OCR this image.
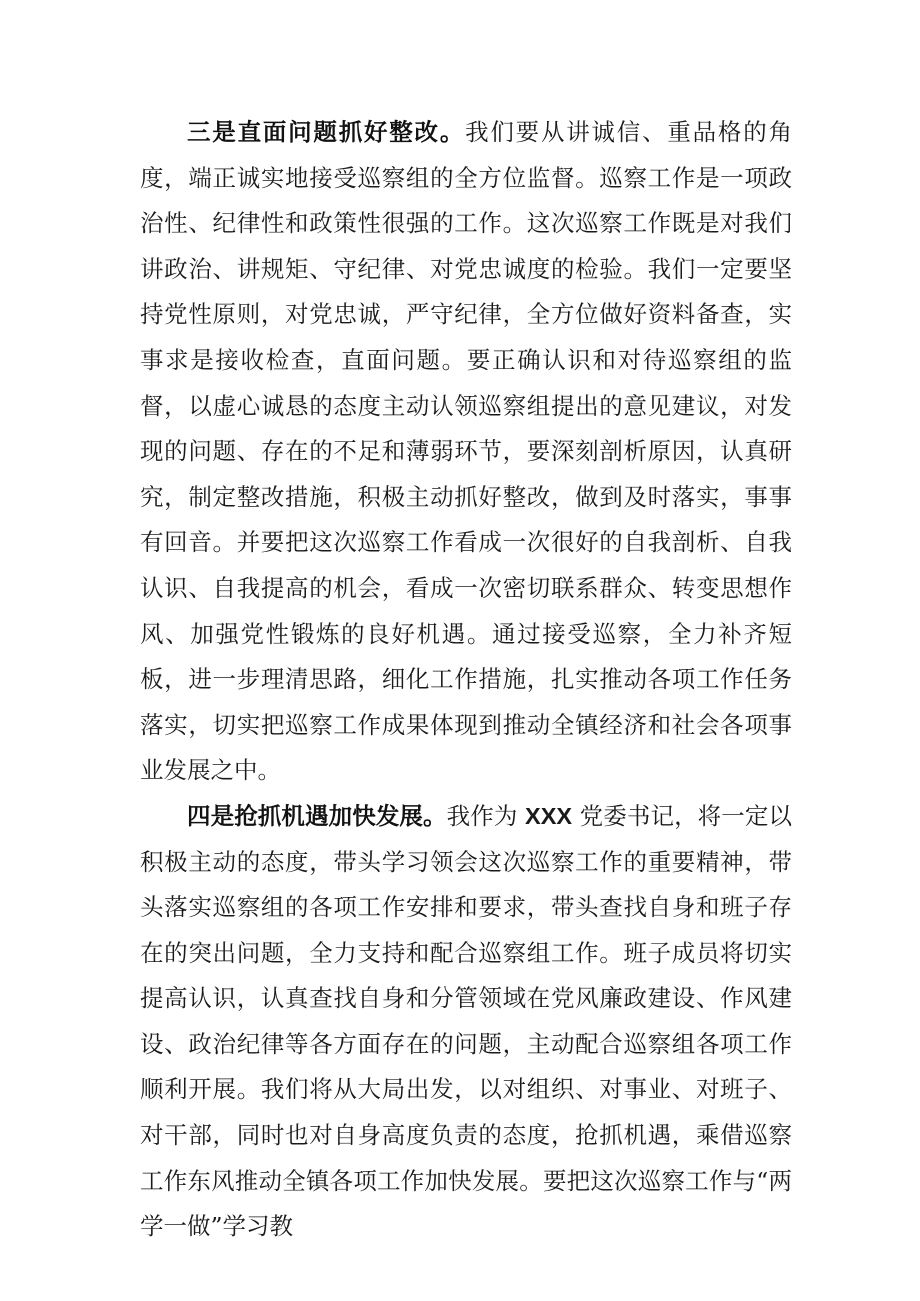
三是直面问题抓好整改。我们要从讲诚信、重品格的角度，端正诚实地接受巡察组的全方位监督。巡察工作是一项政治性、纪律性和政策性很强的工作。这次巡察工作既是对我们讲政治、讲规矩、守纪律、对党忠诚度的检验。我们一定要坚持党性原则，对党忠诚，严守纪律，全方位做好资料备查，实事求是接收检查，直面问题。要正确认识和对待巡察组的监督，以虚心诚恳的态度主动认领巡察组提出的意见建议，对发现的问题、存在的不足和薄弱环节，要深刻剖析原因，认真研究，制定整改措施，积极主动抓好整改，做到及时落实，事事有回音。并要把这次巡察工作看成一次很好的自我剖析、自我认识、自我提高的机会，看成一次密切联系群众、转变思想作风、加强党性锻炼的良好机遇。通过接受巡察，全力补齐短板，进一步理清思路，细化工作措施，扎实推动各项工作任务落实，切实把巡察工作成果体现到推动全镇经济和社会各项事业发展之中。

四是抢抓机遇加快发展。我作为 XXX 党委书记，将一定以积极主动的态度，带头学习领会这次巡察工作的重要精神，带头落实巡察组的各项工作安排和要求，带头查找自身和班子存在的突出问题，全力支持和配合巡察组工作。班子成员将切实提高认识，认真查找自身和分管领域在党风廉政建设、作风建设、政治纪律等各方面存在的问题，主动配合巡察组各项工作顺利开展。我们将从大局出发，以对组织、对事业、对班子、对干部，同时也对自身高度负责的态度，抢抓机遇，乘借巡察工作东风推动全镇各项工作加快发展。要把这次巡察工作与“两学一做”学习教
